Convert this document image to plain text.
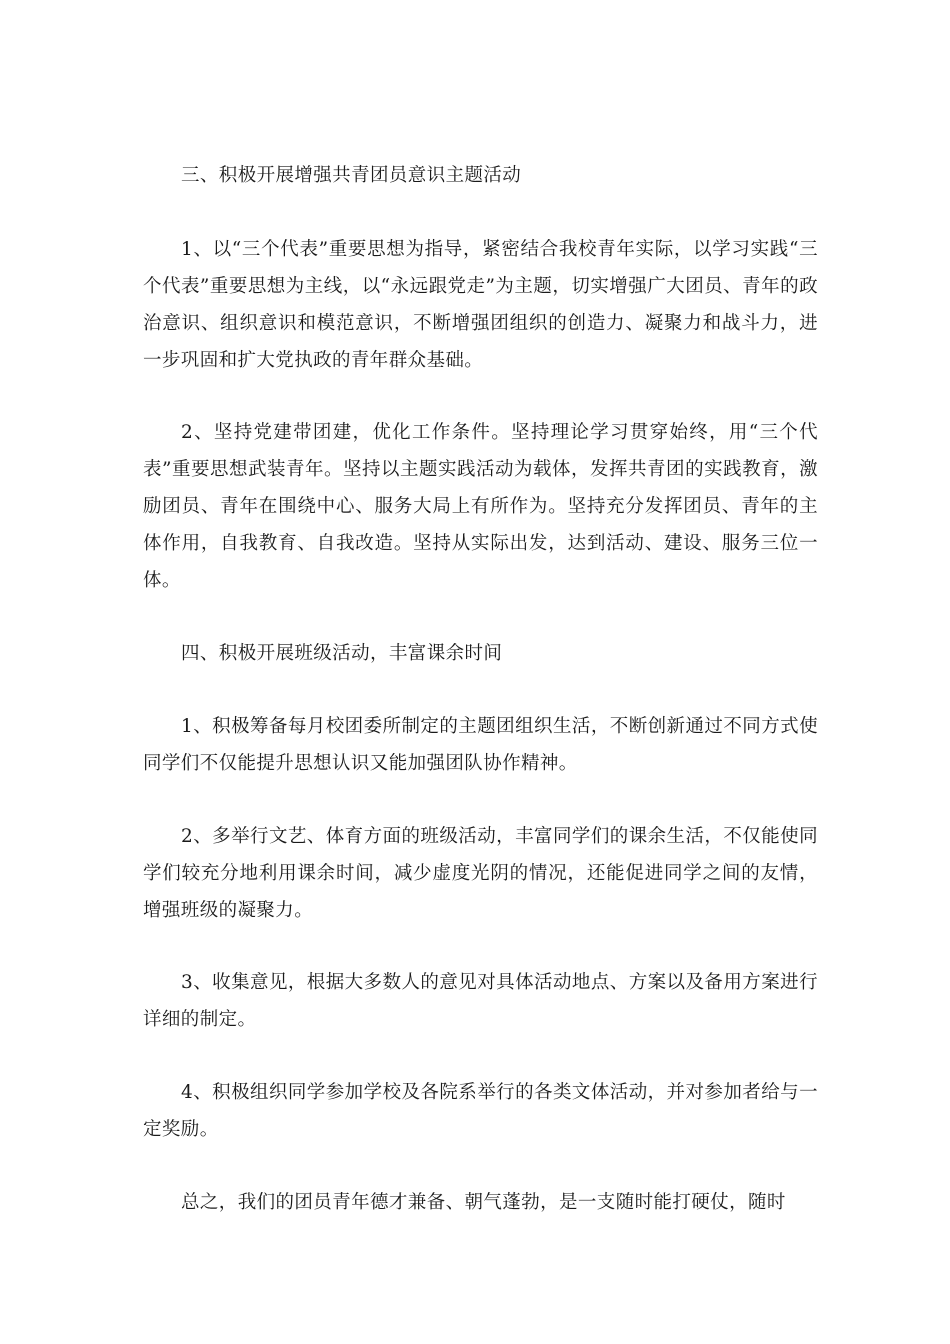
三、积极开展增强共青团员意识主题活动

1、以“三个代表”重要思想为指导，紧密结合我校青年实际，以学习实践“三个代表”重要思想为主线，以“永远跟党走”为主题，切实增强广大团员、青年的政治意识、组织意识和模范意识，不断增强团组织的创造力、凝聚力和战斗力，进一步巩固和扩大党执政的青年群众基础。

2、坚持党建带团建，优化工作条件。坚持理论学习贯穿始终，用“三个代表”重要思想武装青年。坚持以主题实践活动为载体，发挥共青团的实践教育，激励团员、青年在围绕中心、服务大局上有所作为。坚持充分发挥团员、青年的主体作用，自我教育、自我改造。坚持从实际出发，达到活动、建设、服务三位一体。

四、积极开展班级活动，丰富课余时间

1、积极筹备每月校团委所制定的主题团组织生活，不断创新通过不同方式使同学们不仅能提升思想认识又能加强团队协作精神。

2、多举行文艺、体育方面的班级活动，丰富同学们的课余生活，不仅能使同学们较充分地利用课余时间，减少虚度光阴的情况，还能促进同学之间的友情，增强班级的凝聚力。

3、收集意见，根据大多数人的意见对具体活动地点、方案以及备用方案进行详细的制定。

4、积极组织同学参加学校及各院系举行的各类文体活动，并对参加者给与一定奖励。

总之，我们的团员青年德才兼备、朝气蓬勃，是一支随时能打硬仗，随时
